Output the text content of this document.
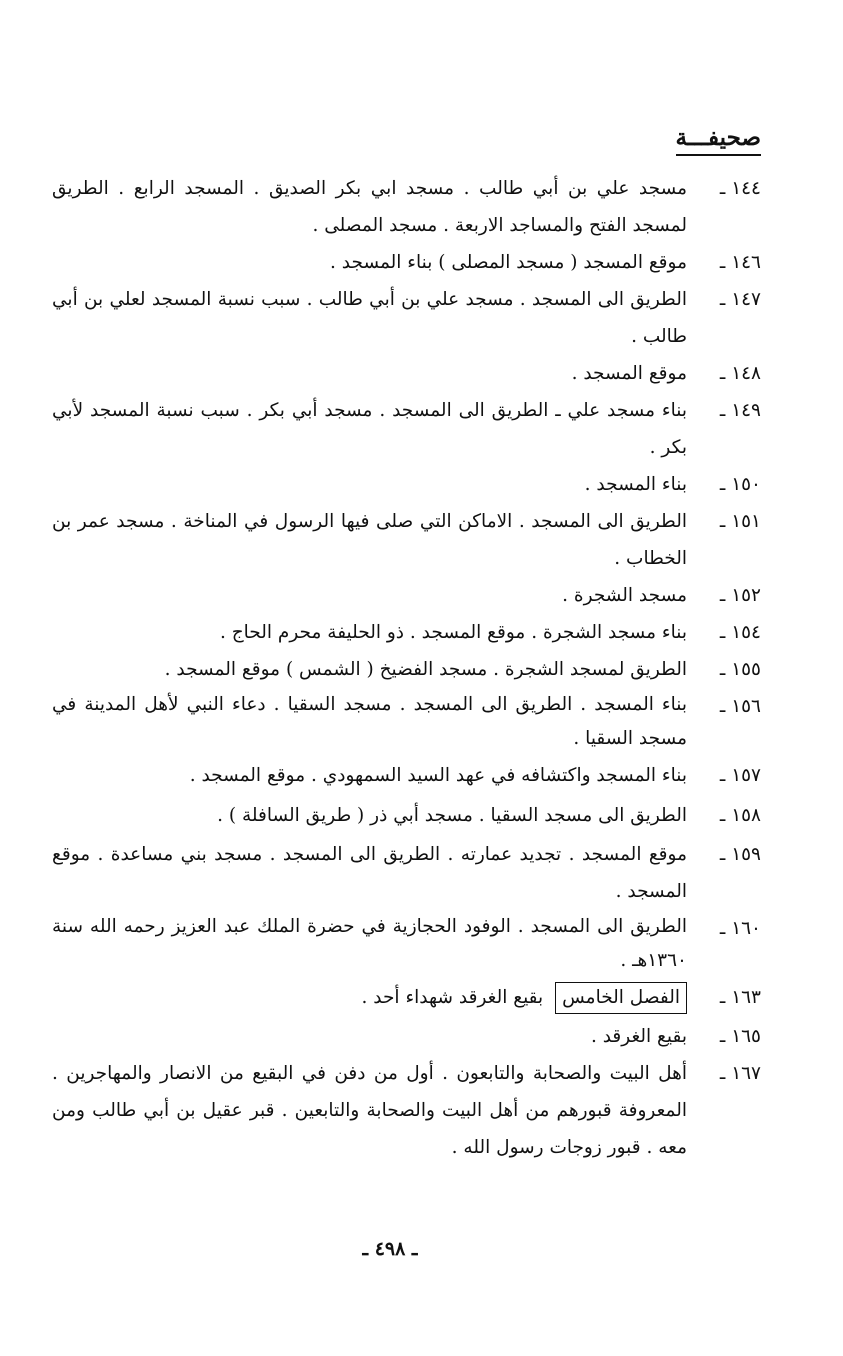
صحيفـــة
١٤٤ ـ
مسجد علي بن أبي طالب . مسجد ابي بكر الصديق . المسجد الرابع . الطريق لمسجد الفتح والمساجد الاربعة . مسجد المصلى .
١٤٦ ـ
موقع المسجد ( مسجد المصلى ) بناء المسجد .
١٤٧ ـ
الطريق الى المسجد . مسجد علي بن أبي طالب . سبب نسبة المسجد لعلي بن أبي طالب .
١٤٨ ـ
موقع المسجد .
١٤٩ ـ
بناء مسجد علي ـ الطريق الى المسجد . مسجد أبي بكر . سبب نسبة المسجد لأبي بكر .
١٥٠ ـ
بناء المسجد .
١٥١ ـ
الطريق الى المسجد . الاماكن التي صلى فيها الرسول في المناخة . مسجد عمر بن الخطاب .
١٥٢ ـ
مسجد الشجرة .
١٥٤ ـ
بناء مسجد الشجرة . موقع المسجد . ذو الحليفة محرم الحاج .
١٥٥ ـ
الطريق لمسجد الشجرة . مسجد الفضيخ ( الشمس ) موقع المسجد .
١٥٦ ـ
بناء المسجد . الطريق الى المسجد . مسجد السقيا . دعاء النبي لأهل المدينة في مسجد السقيا .
١٥٧ ـ
بناء المسجد واكتشافه في عهد السيد السمهودي . موقع المسجد .
١٥٨ ـ
الطريق الى مسجد السقيا . مسجد أبي ذر ( طريق السافلة ) .
١٥٩ ـ
موقع المسجد . تجديد عمارته . الطريق الى المسجد . مسجد بني مساعدة . موقع المسجد .
١٦٠ ـ
الطريق الى المسجد . الوفود الحجازية في حضرة الملك عبد العزيز رحمه الله سنة ١٣٦٠هـ .
١٦٣ ـ
الفصل الخامس بقيع الغرقد شهداء أحد .
١٦٥ ـ
بقيع الغرقد .
١٦٧ ـ
أهل البيت والصحابة والتابعون . أول من دفن في البقيع من الانصار والمهاجرين . المعروفة قبورهم من أهل البيت والصحابة والتابعين . قبر عقيل بن أبي طالب ومن معه . قبور زوجات رسول الله .
ـ ٤٩٨ ـ
